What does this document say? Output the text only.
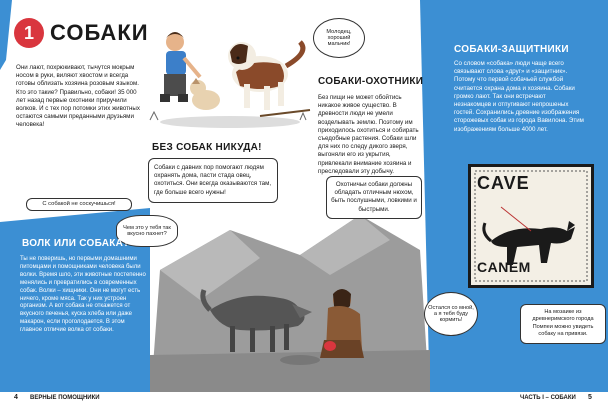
1 СОБАКИ
Они лают, похрюкивают, тычутся мокрым носом в руки, виляют хвостом и всегда готовы облизать хозяина розовым языком. Кто это такие? Правильно, собаки! 35 000 лет назад первые охотники приручили волков. И с тех пор потомки этих животных остаются самыми преданными друзьями человека!
С собакой не соскучишься!
Молодец, хороший мальчик!
БЕЗ СОБАК НИКУДА!
Собаки с давних пор помогают людям охранять дома, пасти стада овец, охотиться. Они всегда оказываются там, где больше всего нужны!
СОБАКИ-ОХОТНИКИ
Без пищи не может обойтись никакое живое существо. В древности люди не умели возделывать землю. Поэтому им приходилось охотиться и собирать съедобные растения. Собаки шли для них по следу дикого зверя, выгоняли его из укрытия, привлекали внимание хозяина и преследовали эту добычу.
Охотничьи собаки должны обладать отличным нюхом, быть послушными, ловкими и быстрыми.
Чем это у тебя так вкусно пахнет?
ВОЛК ИЛИ СОБАКА?
Ты не поверишь, но первыми домашними питомцами и помощниками человека были волки. Время шло, эти животные постепенно менялись и превратились в современных собак. Волки – хищники. Они не могут есть ничего, кроме мяса. Так у них устроен организм. А вот собака не откажется от вкусного печенья, куска хлеба или даже макарон, если проголодается. В этом главное отличие волка от собаки.
Остался со мной, а я тебя буду кормить!
СОБАКИ-ЗАЩИТНИКИ
Со словом «собака» люди чаще всего связывают слова «друг» и «защитник». Потому что первой собачьей службой считается охрана дома и хозяина. Собаки громко лают. Так они встречают незнакомцев и отпугивают непрошеных гостей. Сохранились древние изображения сторожевых собак из города Вавилона. Этим изображениям больше 4000 лет.
CAVE
CANEM
На мозаике из древнеримского города Помпеи можно увидеть собаку на привязи.
4 ВЕРНЫЕ ПОМОЩНИКИ	ЧАСТЬ I – СОБАКИ 5
